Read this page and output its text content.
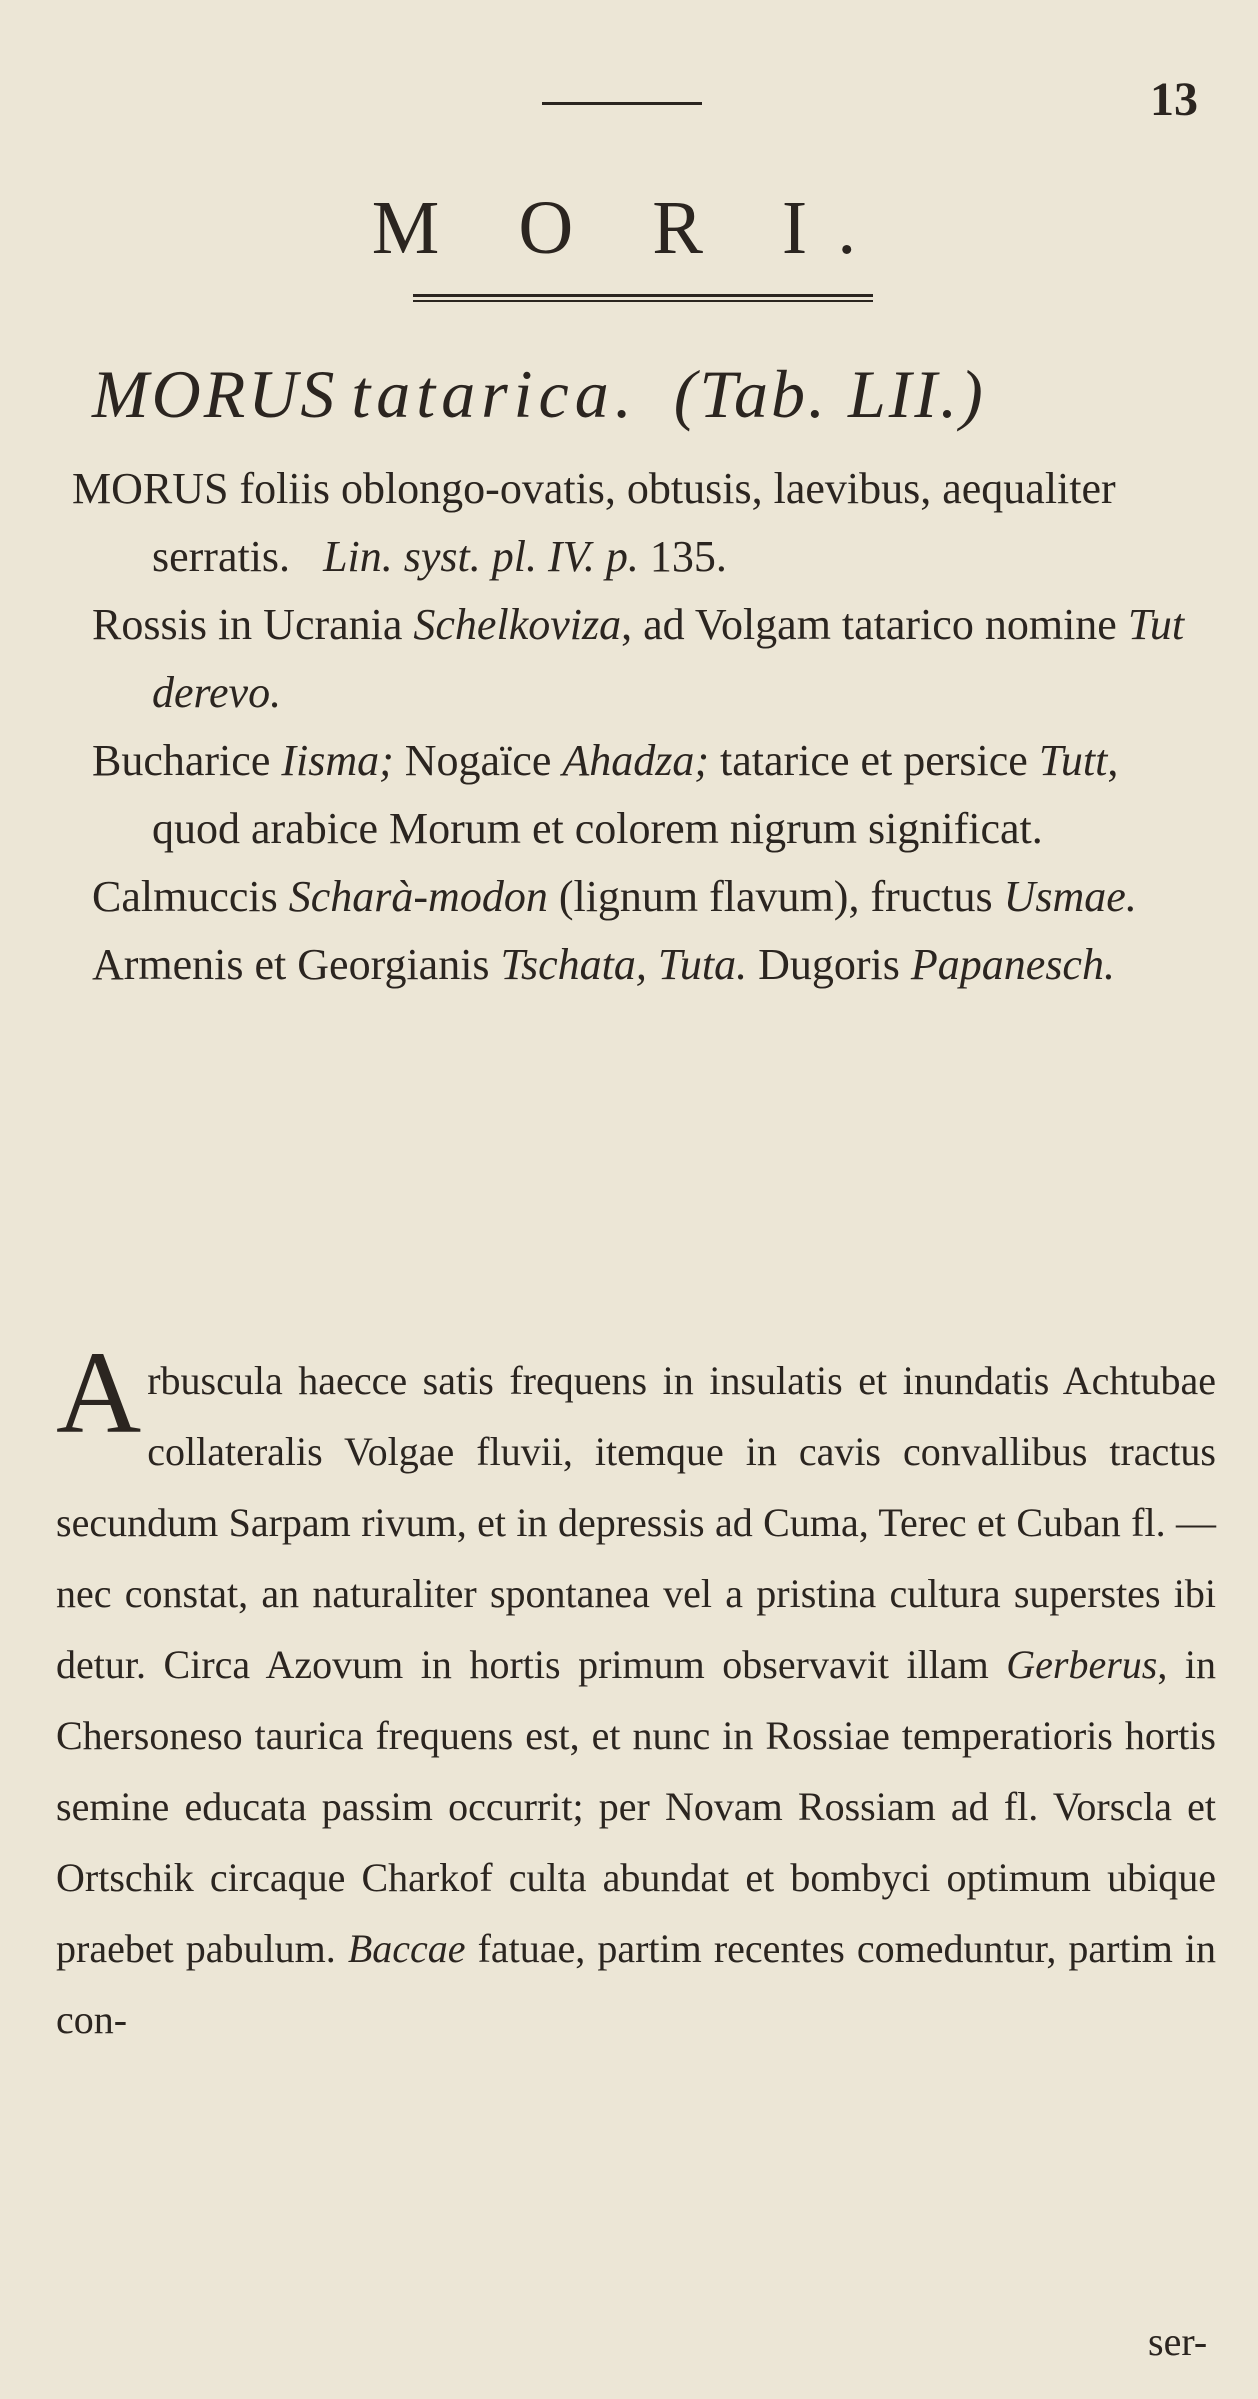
13
M O R I.
MORUS tatarica. (Tab. LII.)

MORUS foliis oblongo-ovatis, obtusis, laevibus, aequaliter serratis. Lin. syst. pl. IV. p. 135.

Rossis in Ucrania Schelkoviza, ad Volgam tatarico nomine Tut derevo.

Bucharice Iisma; Nogaïce Ahadza; tatarice et persice Tutt, quod arabice Morum et colorem nigrum significat.

Calmuccis Scharà-modon (lignum flavum), fructus Usmae.

Armenis et Georgianis Tschata, Tuta. Dugoris Papanesch.

Arbuscula haecce satis frequens in insulatis et inundatis Achtubae collateralis Volgae fluvii, itemque in cavis convallibus tractus secundum Sarpam rivum, et in depressis ad Cuma, Terec et Cuban fl. — nec constat, an naturaliter spontanea vel a pristina cultura superstes ibi detur. Circa Azovum in hortis primum observavit illam Gerberus, in Chersoneso taurica frequens est, et nunc in Rossiae temperatioris hortis semine educata passim occurrit; per Novam Rossiam ad fl. Vorscla et Ortschik circaque Charkof culta abundat et bombyci optimum ubique praebet pabulum. Baccae fatuae, partim recentes comeduntur, partim in con-

ser-
